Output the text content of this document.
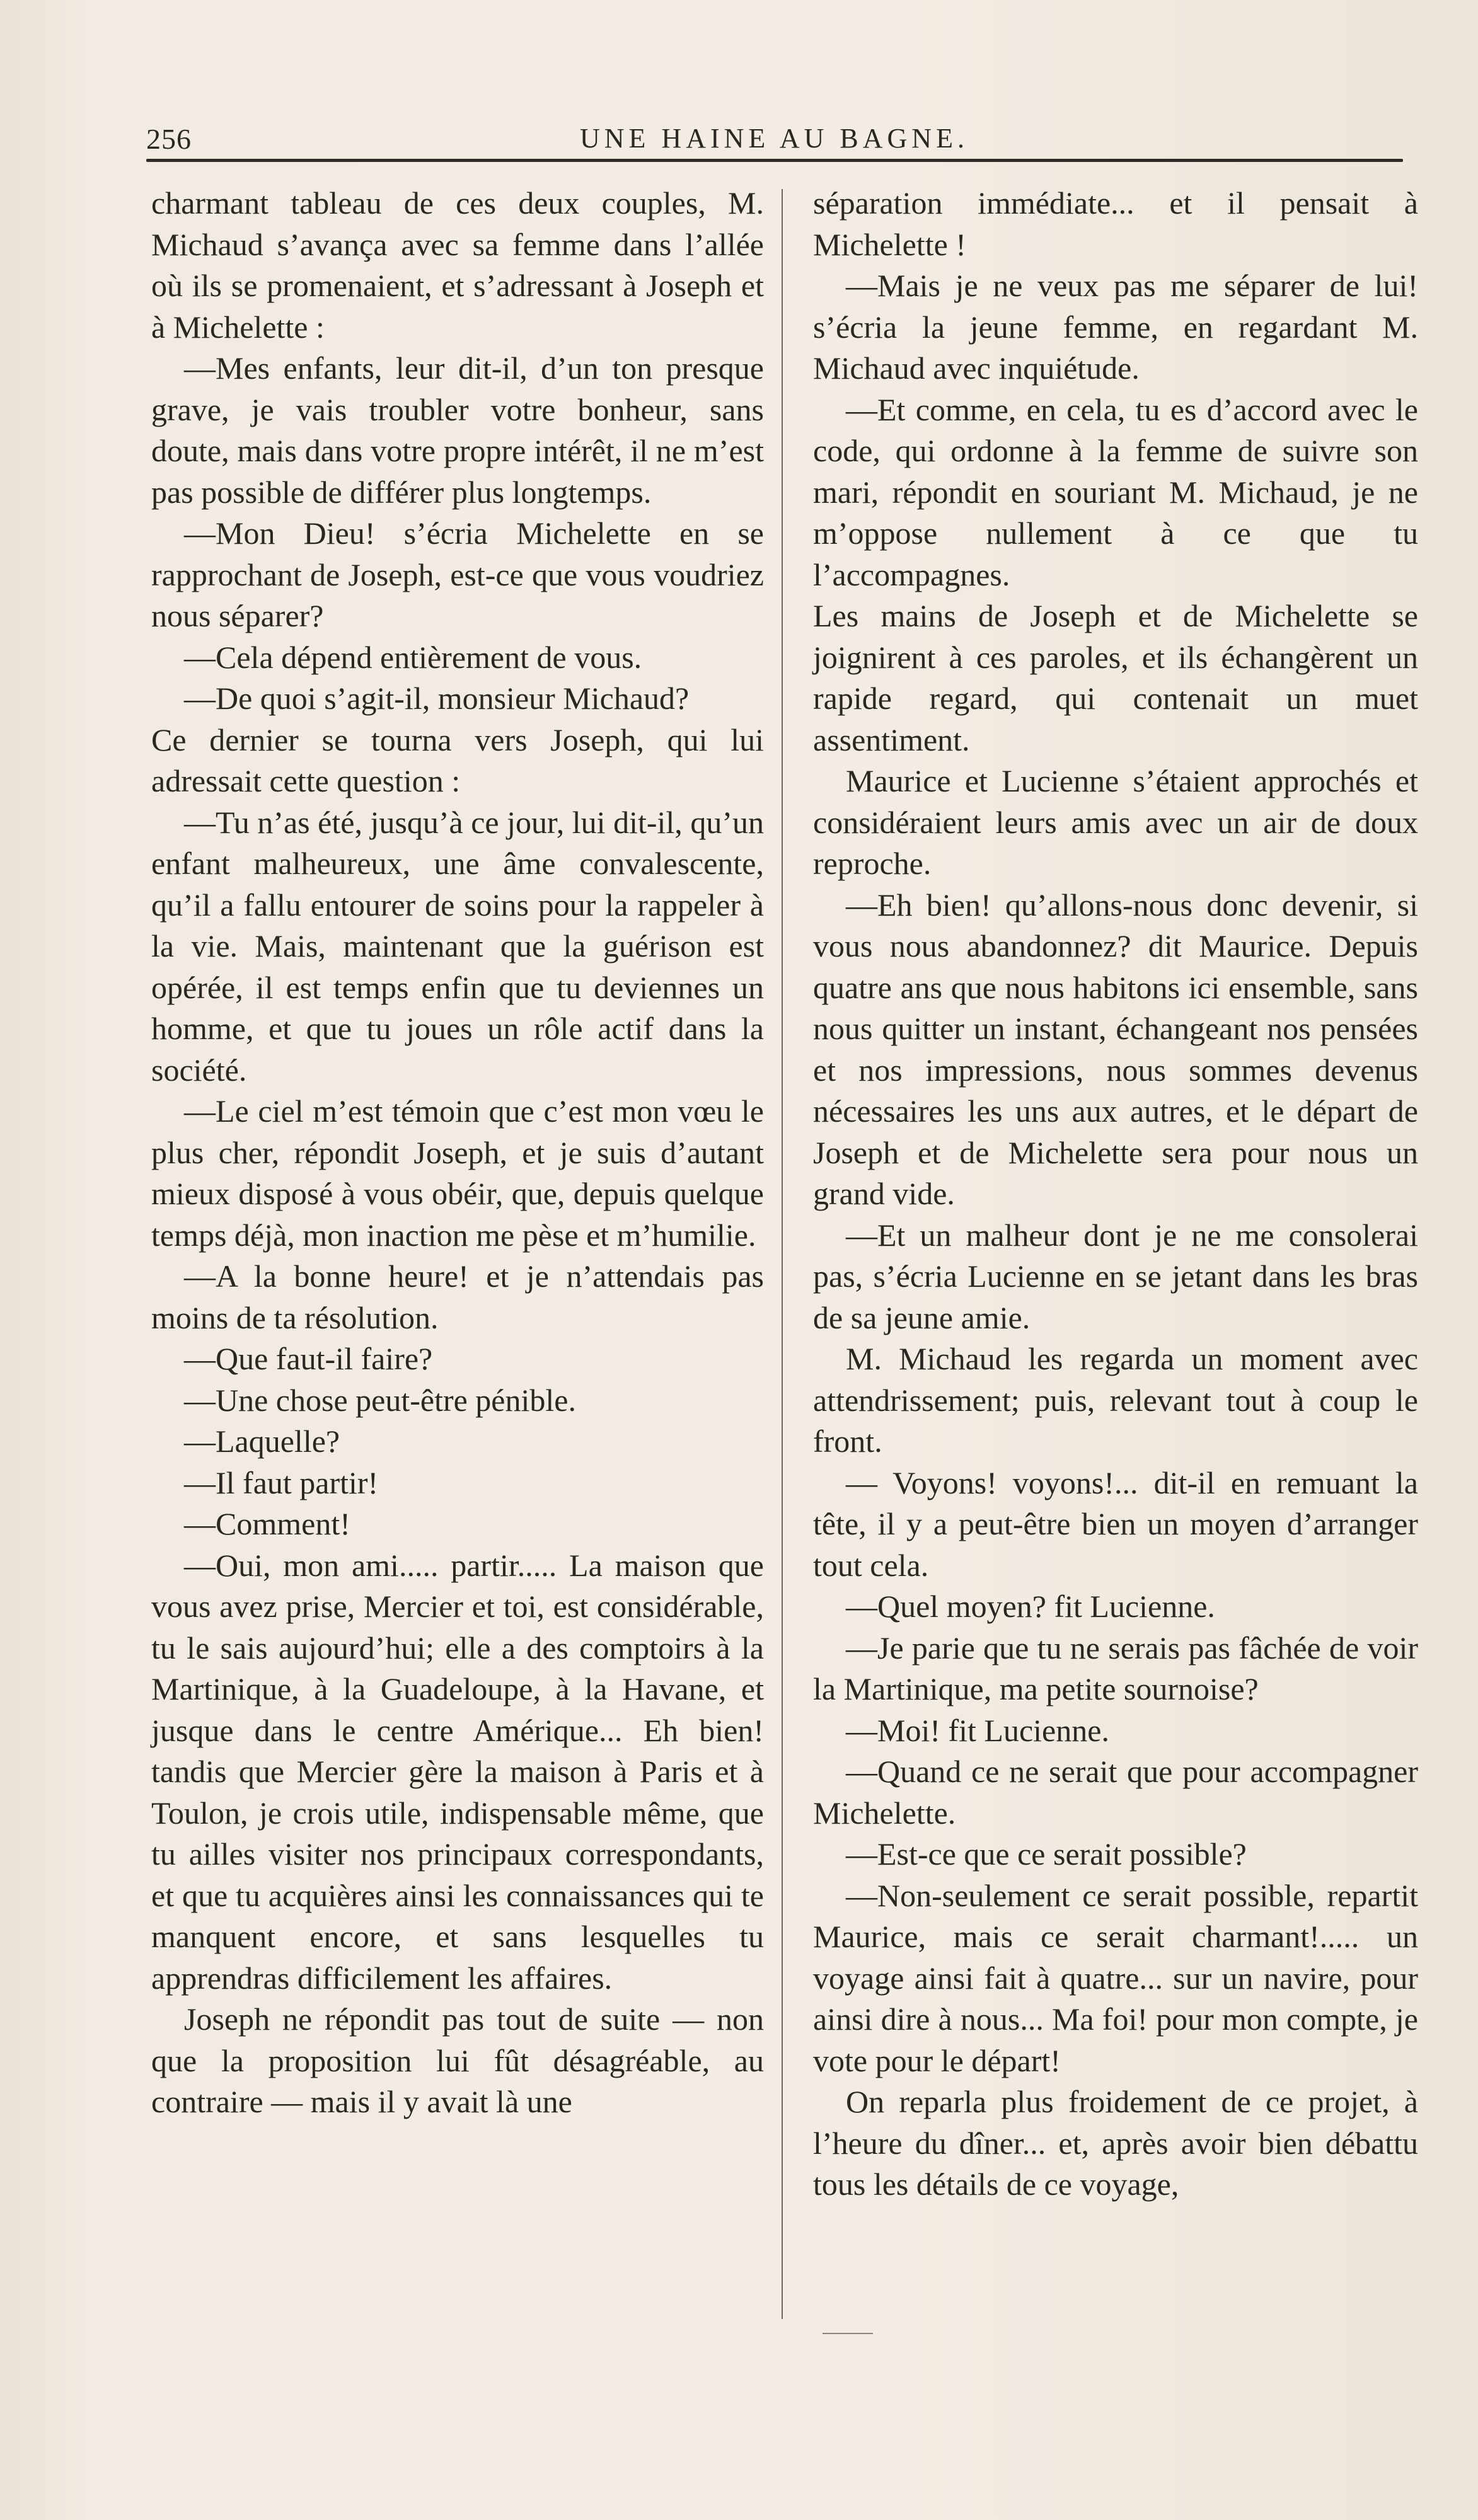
256	UNE HAINE AU BAGNE.

charmant tableau de ces deux couples, M. Michaud s’avança avec sa femme dans l’allée où ils se promenaient, et s’adressant à Joseph et à Michelette :

—Mes enfants, leur dit-il, d’un ton presque grave, je vais troubler votre bonheur, sans doute, mais dans votre propre intérêt, il ne m’est pas possible de différer plus longtemps.

—Mon Dieu! s’écria Michelette en se rapprochant de Joseph, est-ce que vous voudriez nous séparer?

—Cela dépend entièrement de vous.

—De quoi s’agit-il, monsieur Michaud?

Ce dernier se tourna vers Joseph, qui lui adressait cette question :

—Tu n’as été, jusqu’à ce jour, lui dit-il, qu’un enfant malheureux, une âme convalescente, qu’il a fallu entourer de soins pour la rappeler à la vie. Mais, maintenant que la guérison est opérée, il est temps enfin que tu deviennes un homme, et que tu joues un rôle actif dans la société.

—Le ciel m’est témoin que c’est mon vœu le plus cher, répondit Joseph, et je suis d’autant mieux disposé à vous obéir, que, depuis quelque temps déjà, mon inaction me pèse et m’humilie.

—A la bonne heure! et je n’attendais pas moins de ta résolution.

—Que faut-il faire?

—Une chose peut-être pénible.

—Laquelle?

—Il faut partir!

—Comment!

—Oui, mon ami..... partir..... La maison que vous avez prise, Mercier et toi, est considérable, tu le sais aujourd’hui; elle a des comptoirs à la Martinique, à la Guadeloupe, à la Havane, et jusque dans le centre Amérique... Eh bien! tandis que Mercier gère la maison à Paris et à Toulon, je crois utile, indispensable même, que tu ailles visiter nos principaux correspondants, et que tu acquières ainsi les connaissances qui te manquent encore, et sans lesquelles tu apprendras difficilement les affaires.

Joseph ne répondit pas tout de suite — non que la proposition lui fût désagréable, au contraire — mais il y avait là une

séparation immédiate... et il pensait à Michelette !

—Mais je ne veux pas me séparer de lui! s’écria la jeune femme, en regardant M. Michaud avec inquiétude.

—Et comme, en cela, tu es d’accord avec le code, qui ordonne à la femme de suivre son mari, répondit en souriant M. Michaud, je ne m’oppose nullement à ce que tu l’accompagnes.

Les mains de Joseph et de Michelette se joignirent à ces paroles, et ils échangèrent un rapide regard, qui contenait un muet assentiment.

Maurice et Lucienne s’étaient approchés et considéraient leurs amis avec un air de doux reproche.

—Eh bien! qu’allons-nous donc devenir, si vous nous abandonnez? dit Maurice. Depuis quatre ans que nous habitons ici ensemble, sans nous quitter un instant, échangeant nos pensées et nos impressions, nous sommes devenus nécessaires les uns aux autres, et le départ de Joseph et de Michelette sera pour nous un grand vide.

—Et un malheur dont je ne me consolerai pas, s’écria Lucienne en se jetant dans les bras de sa jeune amie.

M. Michaud les regarda un moment avec attendrissement; puis, relevant tout à coup le front.

— Voyons! voyons!... dit-il en remuant la tête, il y a peut-être bien un moyen d’arranger tout cela.

—Quel moyen? fit Lucienne.

—Je parie que tu ne serais pas fâchée de voir la Martinique, ma petite sournoise?

—Moi! fit Lucienne.

—Quand ce ne serait que pour accompagner Michelette.

—Est-ce que ce serait possible?

—Non-seulement ce serait possible, repartit Maurice, mais ce serait charmant!..... un voyage ainsi fait à quatre... sur un navire, pour ainsi dire à nous... Ma foi! pour mon compte, je vote pour le départ!

On reparla plus froidement de ce projet, à l’heure du dîner... et, après avoir bien débattu tous les détails de ce voyage,
